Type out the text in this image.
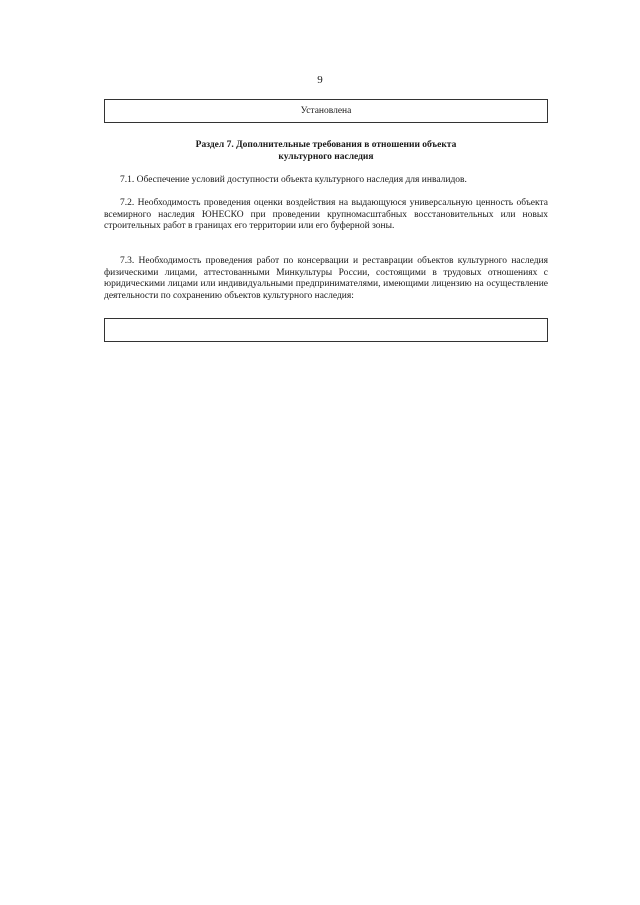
9
Установлена
Раздел 7. Дополнительные требования в отношении объекта
культурного наследия

7.1. Обеспечение условий доступности объекта культурного наследия для инвалидов.

7.2. Необходимость проведения оценки воздействия на выдающуюся универсальную ценность объекта всемирного наследия ЮНЕСКО при проведении крупномасштабных восстановительных или новых строительных работ в границах его территории или его буферной зоны.

7.3. Необходимость проведения работ по консервации и реставрации объектов культурного наследия физическими лицами, аттестованными Минкультуры России, состоящими в трудовых отношениях с юридическими лицами или индивидуальными предпринимателями, имеющими лицензию на осуществление деятельности по сохранению объектов культурного наследия:
